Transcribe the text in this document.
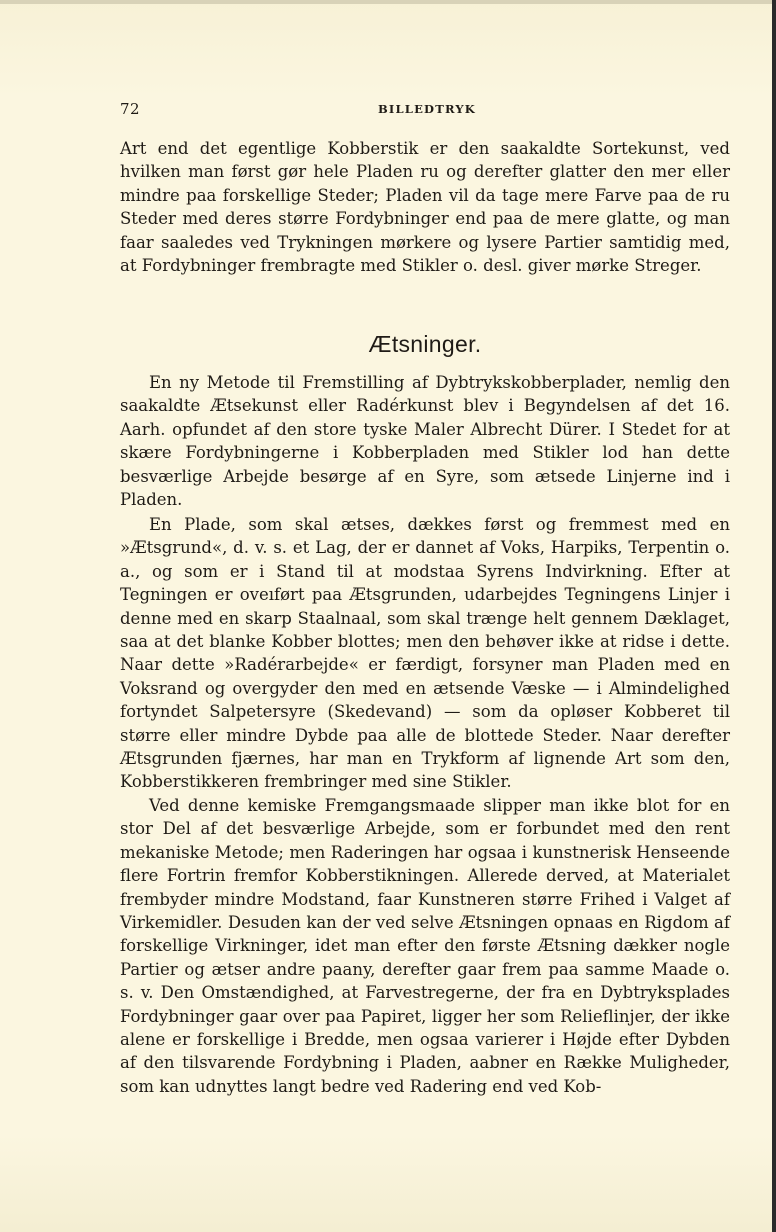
72	BILLEDTRYK

Art end det egentlige Kobberstik er den saakaldte Sortekunst, ved hvilken man først gør hele Pladen ru og derefter glatter den mer eller mindre paa forskellige Steder; Pladen vil da tage mere Farve paa de ru Steder med deres større Fordybninger end paa de mere glatte, og man faar saaledes ved Trykningen mørkere og lysere Partier samtidig med, at Fordybninger frembragte med Stikler o. desl. giver mørke Streger.

Ætsninger.

En ny Metode til Fremstilling af Dybtrykskobberplader, nemlig den saakaldte Ætsekunst eller Radérkunst blev i Begyndelsen af det 16. Aarh. opfundet af den store tyske Maler Albrecht Dürer. I Stedet for at skære Fordybningerne i Kobberpladen med Stikler lod han dette besværlige Arbejde besørge af en Syre, som ætsede Linjerne ind i Pladen.

En Plade, som skal ætses, dækkes først og fremmest med en »Ætsgrund«, d. v. s. et Lag, der er dannet af Voks, Harpiks, Terpentin o. a., og som er i Stand til at modstaa Syrens Indvirkning. Efter at Tegningen er oveıført paa Ætsgrunden, udarbejdes Tegningens Linjer i denne med en skarp Staalnaal, som skal trænge helt gennem Dæklaget, saa at det blanke Kobber blottes; men den behøver ikke at ridse i dette. Naar dette »Radérarbejde« er færdigt, forsyner man Pladen med en Voksrand og overgyder den med en ætsende Væske — i Almindelighed fortyndet Salpetersyre (Skedevand) — som da opløser Kobberet til større eller mindre Dybde paa alle de blottede Steder. Naar derefter Ætsgrunden fjærnes, har man en Trykform af lignende Art som den, Kobberstikkeren frembringer med sine Stikler.

Ved denne kemiske Fremgangsmaade slipper man ikke blot for en stor Del af det besværlige Arbejde, som er forbundet med den rent mekaniske Metode; men Raderingen har ogsaa i kunstnerisk Henseende flere Fortrin fremfor Kobberstikningen. Allerede derved, at Materialet frembyder mindre Modstand, faar Kunstneren større Frihed i Valget af Virkemidler. Desuden kan der ved selve Ætsningen opnaas en Rigdom af forskellige Virkninger, idet man efter den første Ætsning dækker nogle Partier og ætser andre paany, derefter gaar frem paa samme Maade o. s. v. Den Omstændighed, at Farvestregerne, der fra en Dybtryksplades Fordybninger gaar over paa Papiret, ligger her som Relieflinjer, der ikke alene er forskellige i Bredde, men ogsaa varierer i Højde efter Dybden af den tilsvarende Fordybning i Pladen, aabner en Række Muligheder, som kan udnyttes langt bedre ved Radering end ved Kob-
